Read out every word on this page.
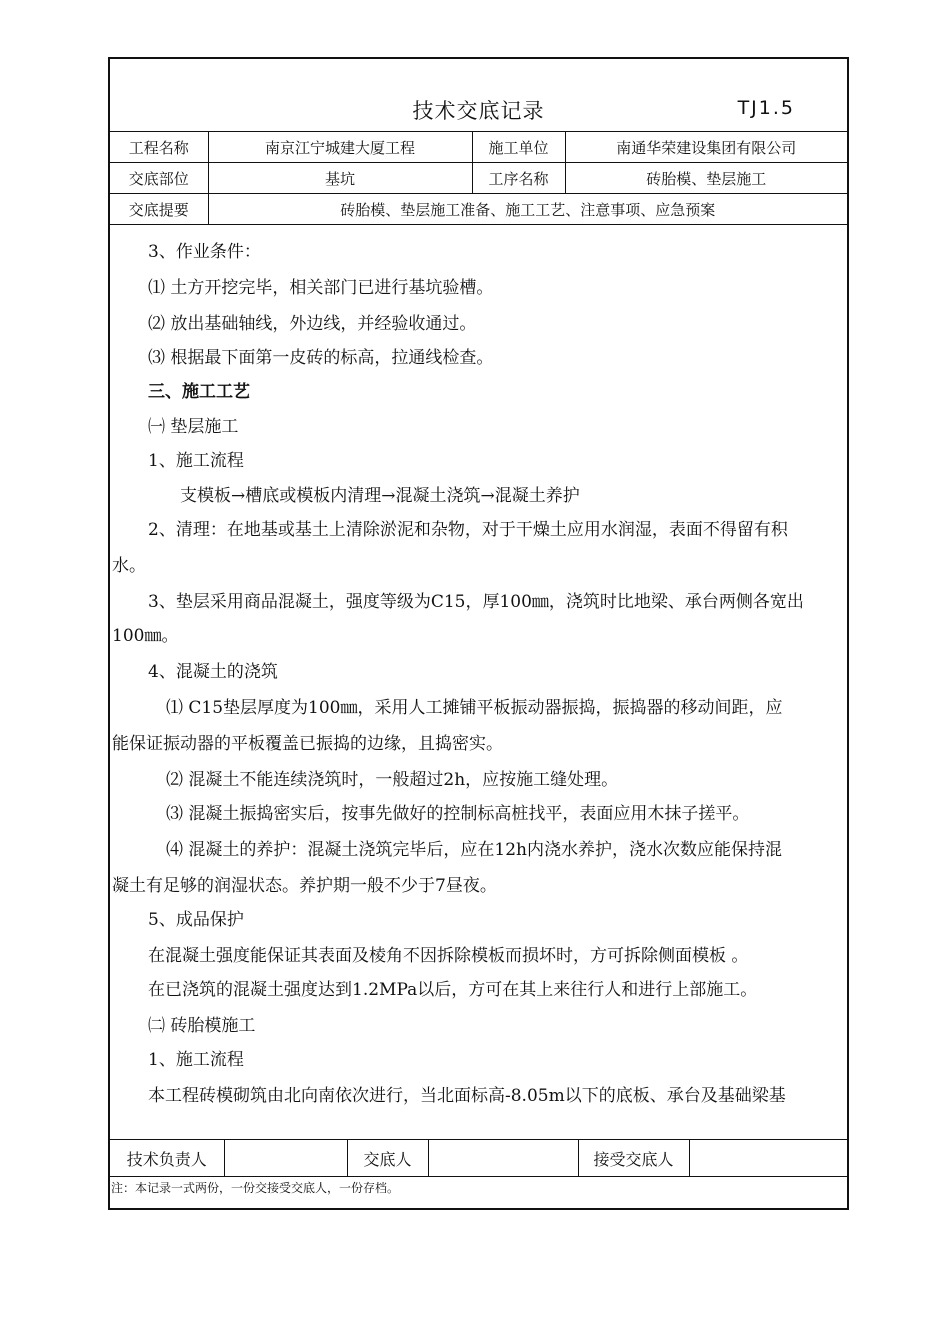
技术交底记录	TJ1.5
工程名称	南京江宁城建大厦工程	施工单位	南通华荣建设集团有限公司
交底部位	基坑	工序名称	砖胎模、垫层施工
交底提要	砖胎模、垫层施工准备、施工工艺、注意事项、应急预案		
3、作业条件：
⑴ 土方开挖完毕，相关部门已进行基坑验槽。
⑵ 放出基础轴线，外边线，并经验收通过。
⑶ 根据最下面第一皮砖的标高，拉通线检查。
三、施工工艺
㈠ 垫层施工
1、施工流程
支模板→槽底或模板内清理→混凝土浇筑→混凝土养护
2、清理：在地基或基土上清除淤泥和杂物，对于干燥土应用水润湿，表面不得留有积
水。
3、垫层采用商品混凝土，强度等级为C15，厚100㎜，浇筑时比地梁、承台两侧各宽出
100㎜。
4、混凝土的浇筑
⑴ C15垫层厚度为100㎜，采用人工摊铺平板振动器振捣，振捣器的移动间距，应
能保证振动器的平板覆盖已振捣的边缘，且捣密实。
⑵ 混凝土不能连续浇筑时，一般超过2h，应按施工缝处理。
⑶ 混凝土振捣密实后，按事先做好的控制标高桩找平，表面应用木抹子搓平。
⑷ 混凝土的养护：混凝土浇筑完毕后，应在12h内浇水养护，浇水次数应能保持混
凝土有足够的润湿状态。养护期一般不少于7昼夜。
5、成品保护
在混凝土强度能保证其表面及棱角不因拆除模板而损坏时，方可拆除侧面模板 。
在已浇筑的混凝土强度达到1.2MPa以后，方可在其上来往行人和进行上部施工。
㈡ 砖胎模施工
1、施工流程
本工程砖模砌筑由北向南依次进行，当北面标高-8.05m以下的底板、承台及基础梁基
技术负责人		交底人		接受交底人	
注：本记录一式两份，一份交接受交底人，一份存档。
